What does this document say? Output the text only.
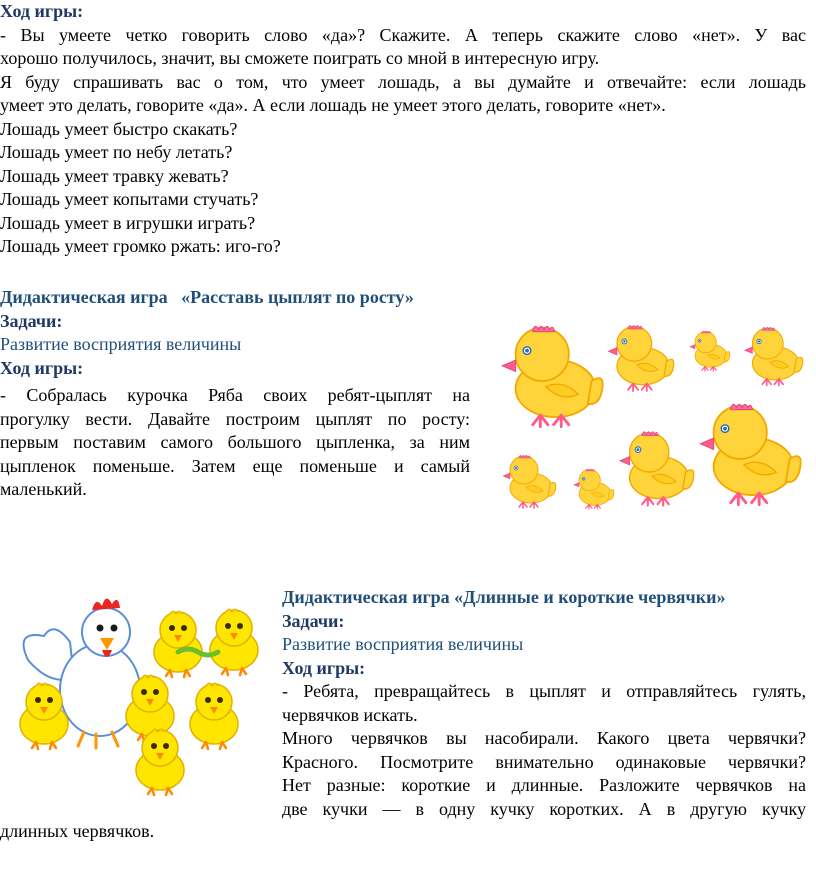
Ход игры:

- Вы умеете четко говорить слово «да»? Скажите. А теперь скажите слово «нет». У вас

хорошо получилось, значит, вы сможете поиграть со мной в интересную игру.

Я буду спрашивать вас о том, что умеет лошадь, а вы думайте и отвечайте: если лошадь

умеет это делать, говорите «да». А если лошадь не умеет этого делать, говорите «нет».

Лошадь умеет быстро скакать?

Лошадь умеет по небу летать?

Лошадь умеет травку жевать?

Лошадь умеет копытами стучать?

Лошадь умеет в игрушки играть?

Лошадь умеет громко ржать: иго-го?

Дидактическая игра   «Расставь цыплят по росту»

Задачи:

Развитие восприятия величины

Ход игры:

- Собралась курочка Ряба своих ребят-цыплят на

прогулку вести. Давайте построим цыплят по росту:

первым поставим самого большого цыпленка, за ним

цыпленок поменьше. Затем еще поменьше и самый

маленький.

Дидактическая игра «Длинные и короткие червячки»

Задачи:

Развитие восприятия величины

Ход игры:

- Ребята, превращайтесь в цыплят и отправляйтесь гулять,

червячков искать.

Много червячков вы насобирали. Какого цвета червячки?

Красного. Посмотрите внимательно одинаковые червячки?

Нет разные: короткие и длинные. Разложите червячков на

две кучки — в одну кучку коротких. А в другую кучку

длинных червячков.
